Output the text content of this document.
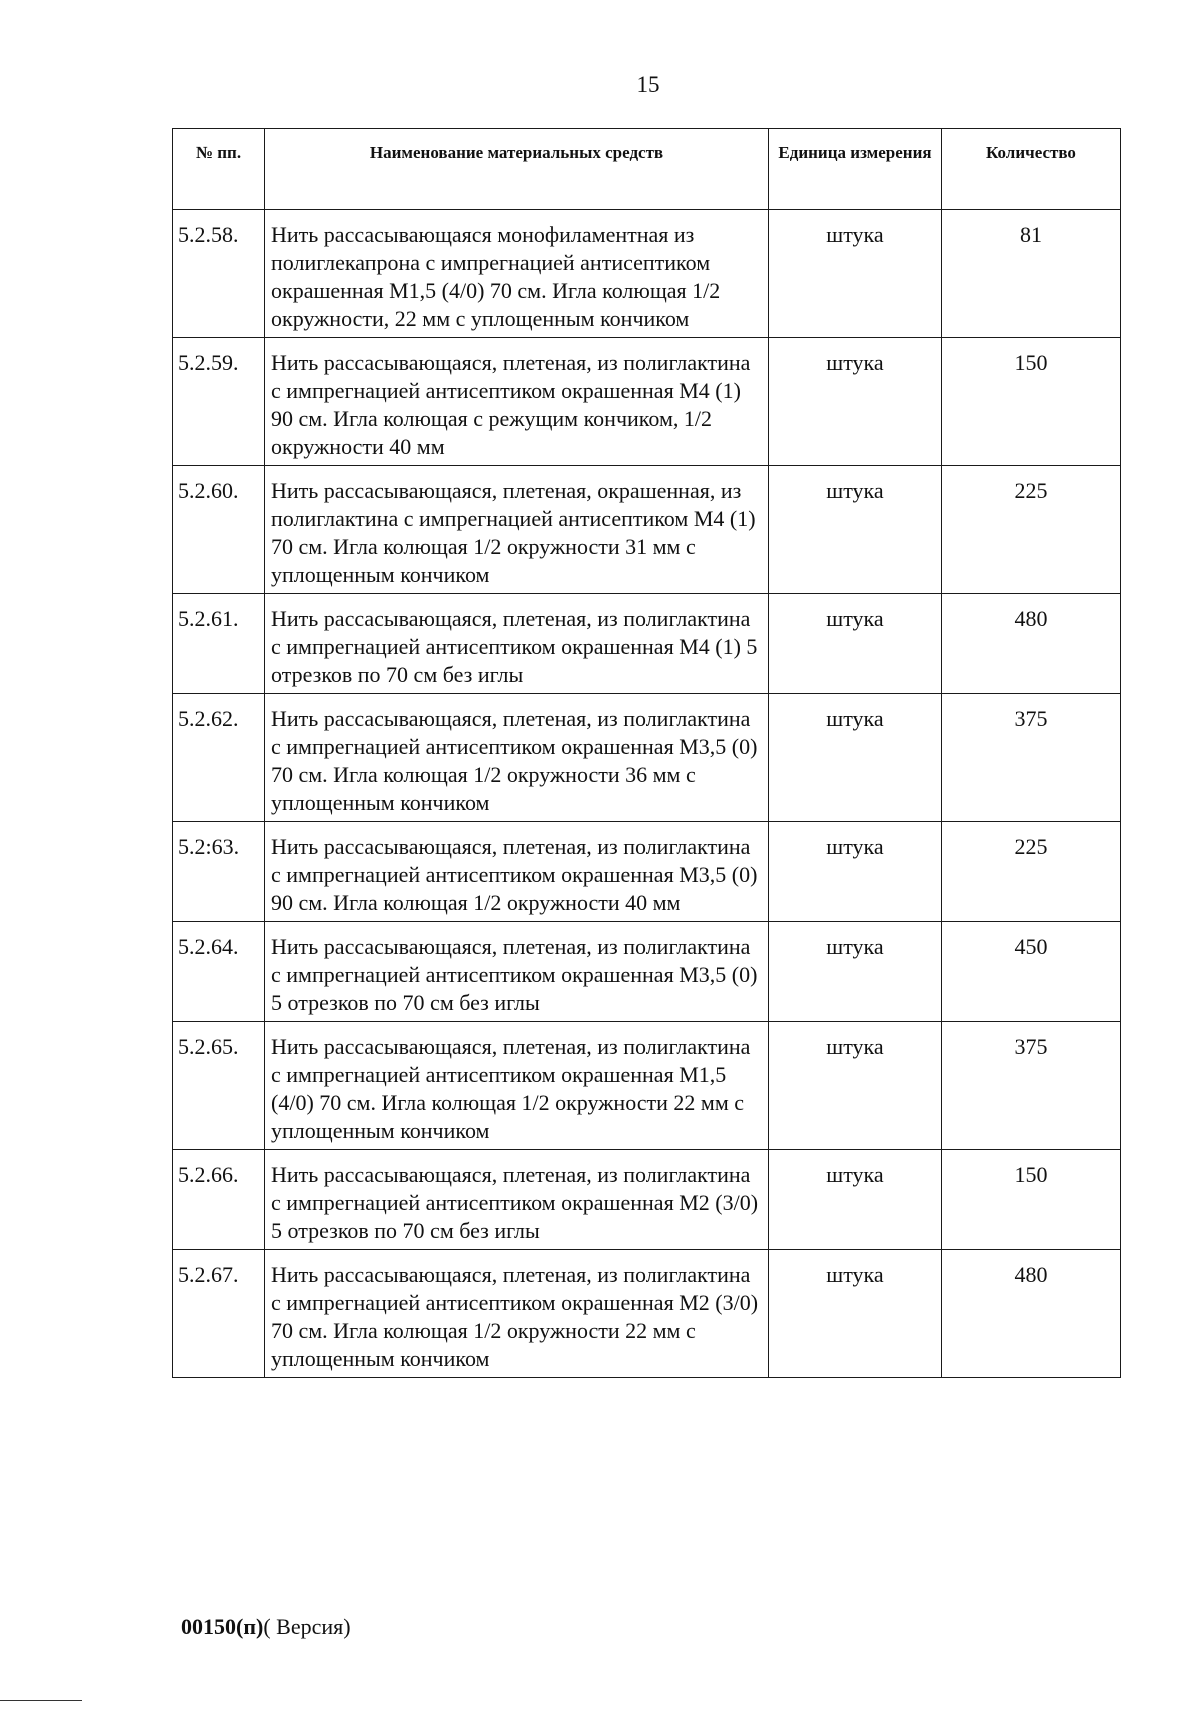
15
№ пп.	Наименование материальных средств	Единица измерения	Количество
5.2.58.	Нить рассасывающаяся монофиламентная из полиглекапрона с импрегнацией антисептиком окрашенная М1,5 (4/0) 70 см. Игла колющая 1/2 окружности, 22 мм с уплощенным кончиком	штука	81
5.2.59.	Нить рассасывающаяся, плетеная, из полиглактина с импрегнацией антисептиком окрашенная М4 (1) 90 см. Игла колющая с режущим кончиком, 1/2 окружности 40 мм	штука	150
5.2.60.	Нить рассасывающаяся, плетеная, окрашенная, из полиглактина с импрегнацией антисептиком М4 (1) 70 см. Игла колющая 1/2 окружности 31 мм с уплощенным кончиком	штука	225
5.2.61.	Нить рассасывающаяся, плетеная, из полиглактина с импрегнацией антисептиком окрашенная М4 (1) 5 отрезков по 70 см без иглы	штука	480
5.2.62.	Нить рассасывающаяся, плетеная, из полиглактина с импрегнацией антисептиком окрашенная М3,5 (0) 70 см. Игла колющая 1/2 окружности 36 мм с уплощенным кончиком	штука	375
5.2:63.	Нить рассасывающаяся, плетеная, из полиглактина с импрегнацией антисептиком окрашенная М3,5 (0) 90 см. Игла колющая 1/2 окружности 40 мм	штука	225
5.2.64.	Нить рассасывающаяся, плетеная, из полиглактина с импрегнацией антисептиком окрашенная М3,5 (0) 5 отрезков по 70 см без иглы	штука	450
5.2.65.	Нить рассасывающаяся, плетеная, из полиглактина с импрегнацией антисептиком окрашенная М1,5 (4/0) 70 см. Игла колющая 1/2 окружности 22 мм с уплощенным кончиком	штука	375
5.2.66.	Нить рассасывающаяся, плетеная, из полиглактина с импрегнацией антисептиком окрашенная М2 (3/0) 5 отрезков по 70 см без иглы	штука	150
5.2.67.	Нить рассасывающаяся, плетеная, из полиглактина с импрегнацией антисептиком окрашенная М2 (3/0) 70 см. Игла колющая 1/2 окружности 22 мм с уплощенным кончиком	штука	480
00150(п)( Версия)
